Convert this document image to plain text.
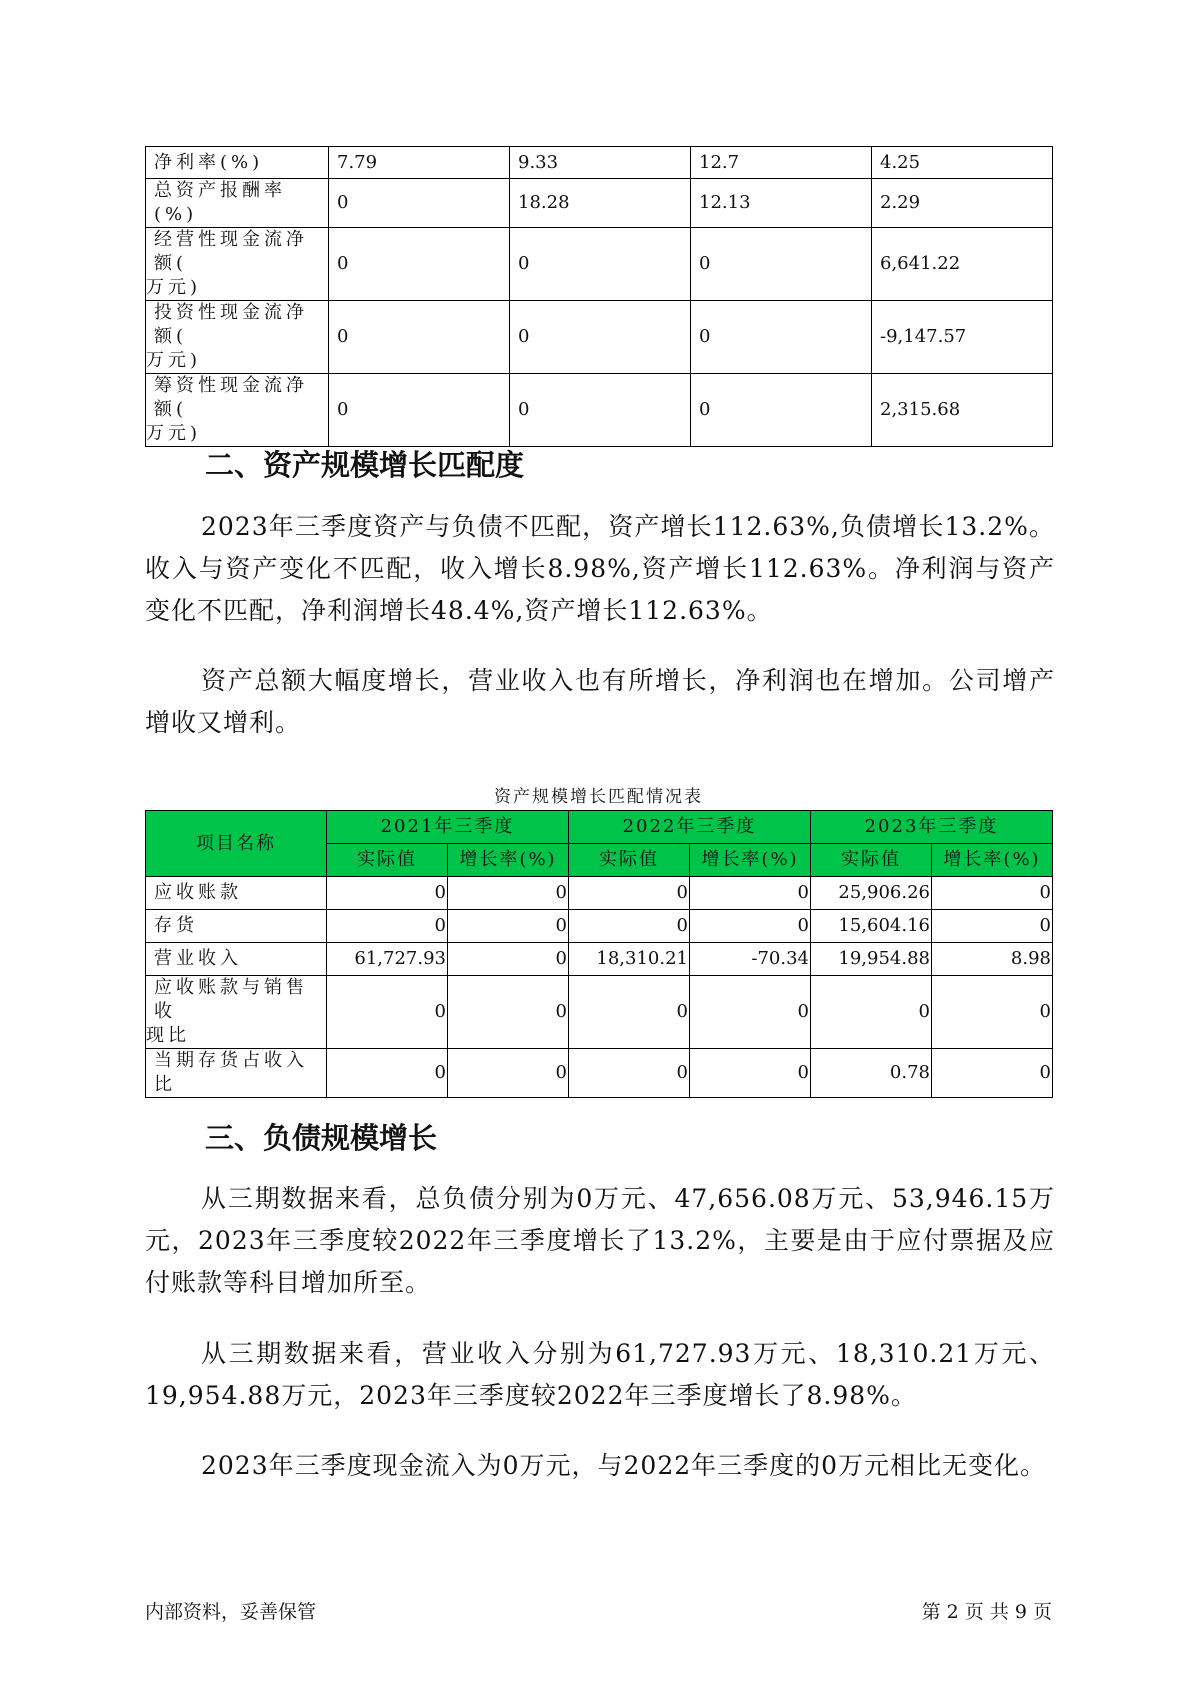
净利率(%)	7.79	9.33	12.7	4.25
总资产报酬率(%)	0	18.28	12.13	2.29
经营性现金流净额(
万元)	0	0	0	6,641.22
投资性现金流净额(
万元)	0	0	0	-9,147.57
筹资性现金流净额(
万元)	0	0	0	2,315.68
二、资产规模增长匹配度

2023年三季度资产与负债不匹配，资产增长112.63%,负债增长13.2%。收入与资产变化不匹配，收入增长8.98%,资产增长112.63%。净利润与资产变化不匹配，净利润增长48.4%,资产增长112.63%。

资产总额大幅度增长，营业收入也有所增长，净利润也在增加。公司增产增收又增利。

资产规模增长匹配情况表
项目名称	2021年三季度		2022年三季度		2023年三季度	
	实际值	增长率(%)	实际值	增长率(%)	实际值	增长率(%)
应收账款	0	0	0	0	25,906.26	0
存货	0	0	0	0	15,604.16	0
营业收入	61,727.93	0	18,310.21	-70.34	19,954.88	8.98
应收账款与销售收
现比	0	0	0	0	0	0
当期存货占收入比	0	0	0	0	0.78	0
三、负债规模增长

从三期数据来看，总负债分别为0万元、47,656.08万元、53,946.15万元，2023年三季度较2022年三季度增长了13.2%，主要是由于应付票据及应付账款等科目增加所至。

从三期数据来看，营业收入分别为61,727.93万元、18,310.21万元、19,954.88万元，2023年三季度较2022年三季度增长了8.98%。

2023年三季度现金流入为0万元，与2022年三季度的0万元相比无变化。

内部资料，妥善保管	第 2 页 共 9 页
